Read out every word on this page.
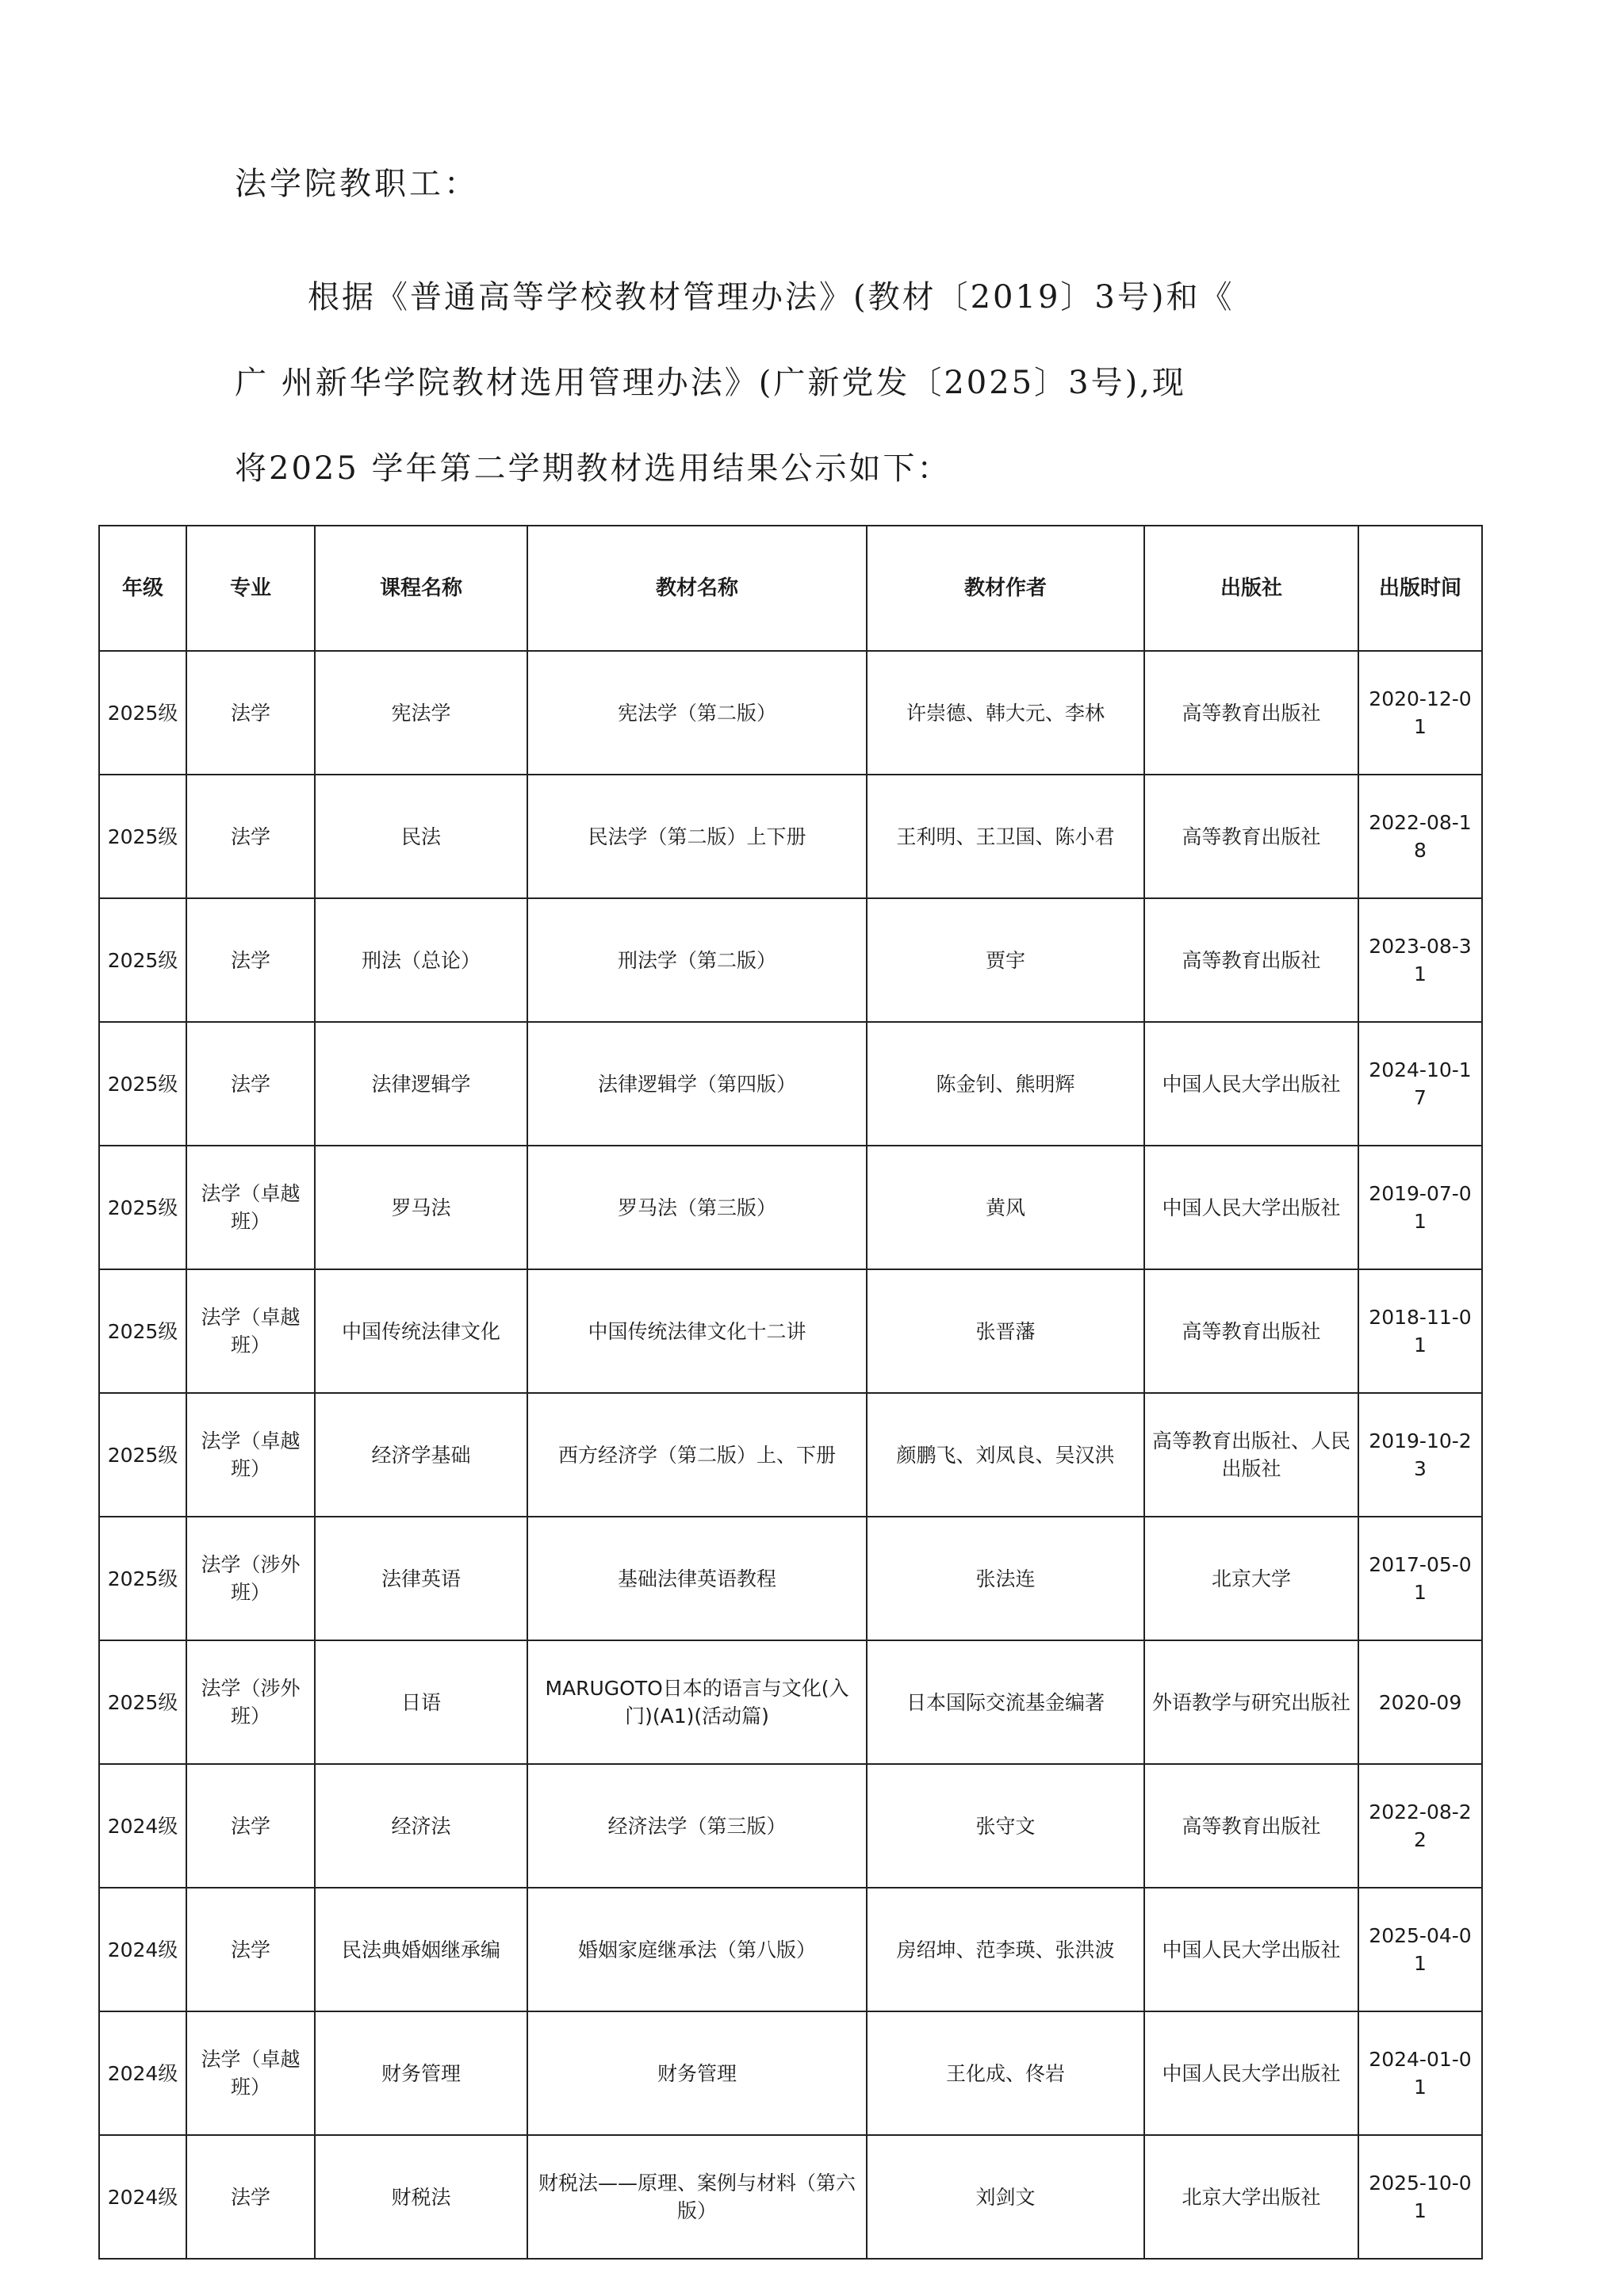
法学院教职工：
根据《普通高等学校教材管理办法》(教材〔2019〕3号)和《
广 州新华学院教材选用管理办法》(广新党发〔2025〕3号),现
将2025 学年第二学期教材选用结果公示如下：
年级	专业	课程名称	教材名称	教材作者	出版社	出版时间
2025级	法学	宪法学	宪法学（第二版）	许崇德、韩大元、李林	高等教育出版社	2020-12-01
2025级	法学	民法	民法学（第二版）上下册	王利明、王卫国、陈小君	高等教育出版社	2022-08-18
2025级	法学	刑法（总论）	刑法学（第二版）	贾宇	高等教育出版社	2023-08-31
2025级	法学	法律逻辑学	法律逻辑学（第四版）	陈金钊、熊明辉	中国人民大学出版社	2024-10-17
2025级	法学（卓越班）	罗马法	罗马法（第三版）	黄风	中国人民大学出版社	2019-07-01
2025级	法学（卓越班）	中国传统法律文化	中国传统法律文化十二讲	张晋藩	高等教育出版社	2018-11-01
2025级	法学（卓越班）	经济学基础	西方经济学（第二版）上、下册	颜鹏飞、刘凤良、吴汉洪	高等教育出版社、人民出版社	2019-10-23
2025级	法学（涉外班）	法律英语	基础法律英语教程	张法连	北京大学	2017-05-01
2025级	法学（涉外班）	日语	MARUGOTO日本的语言与文化(入门)(A1)(活动篇)	日本国际交流基金编著	外语教学与研究出版社	2020-09
2024级	法学	经济法	经济法学（第三版）	张守文	高等教育出版社	2022-08-22
2024级	法学	民法典婚姻继承编	婚姻家庭继承法（第八版）	房绍坤、范李瑛、张洪波	中国人民大学出版社	2025-04-01
2024级	法学（卓越班）	财务管理	财务管理	王化成、佟岩	中国人民大学出版社	2024-01-01
2024级	法学	财税法	财税法——原理、案例与材料（第六版）	刘剑文	北京大学出版社	2025-10-01
